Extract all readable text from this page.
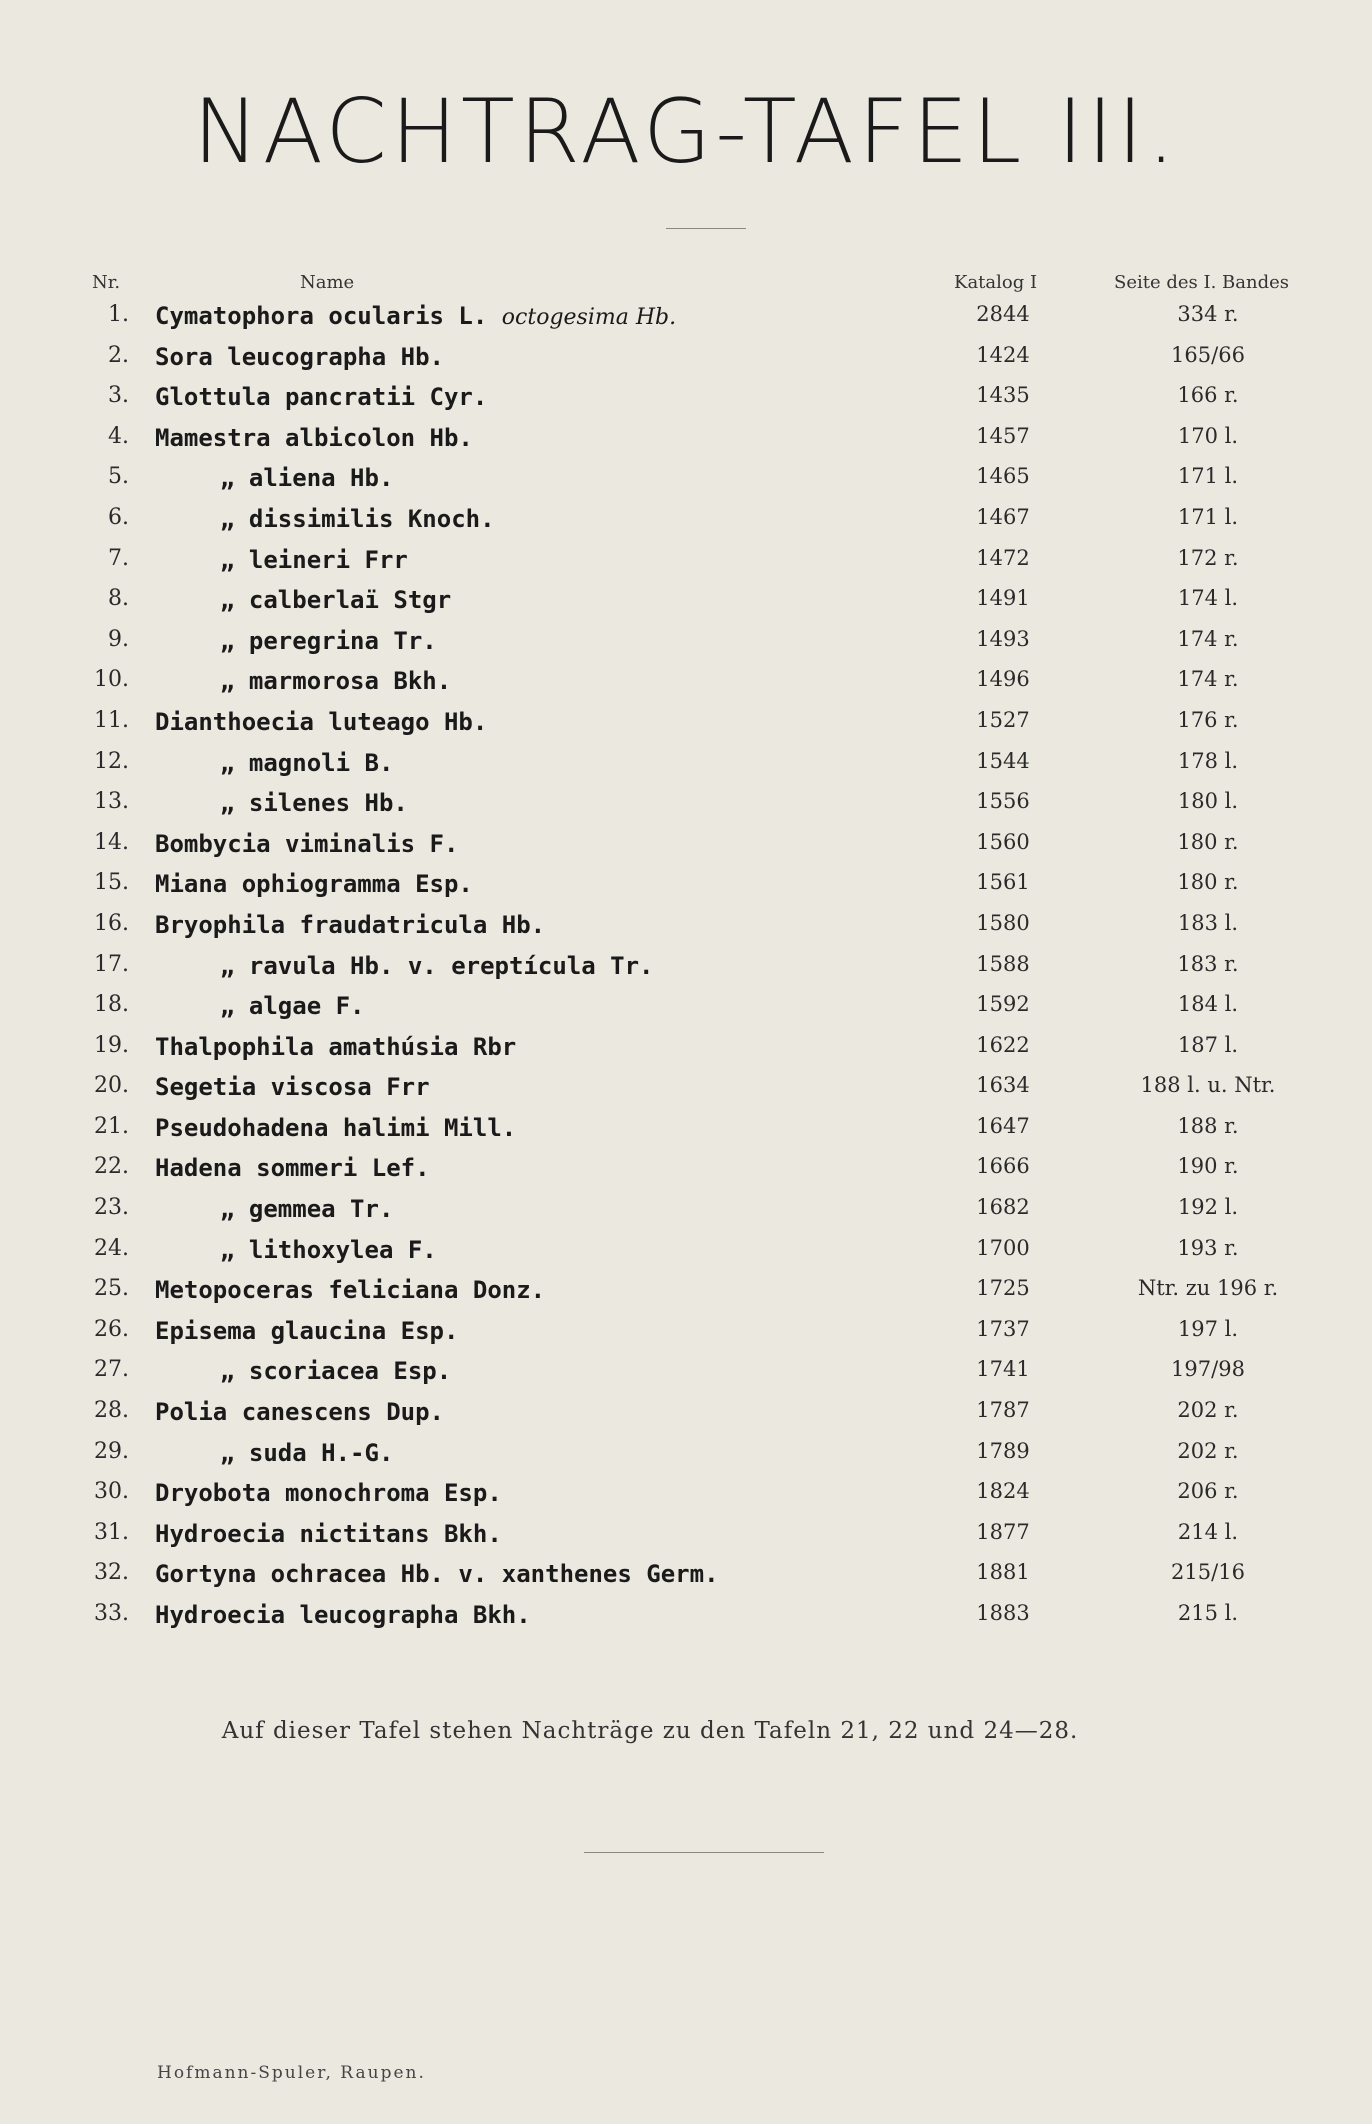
NACHTRAG-TAFEL III.
Nr.	Name	Katalog I	Seite des I. Bandes
1. Cymatophora ocularis L. octogesima Hb.	2844	334 r.
2. Sora leucographa Hb.	1424	165/66
3. Glottula pancratii Cyr.	1435	166 r.
4. Mamestra albicolon Hb.	1457	170 l.
5.	„ aliena Hb.	1465	171 l.
6.	„ dissimilis Knoch.	1467	171 l.
7.	„ leineri Frr	1472	172 r.
8.	„ calberlaï Stgr	1491	174 l.
9.	„ peregrina Tr.	1493	174 r.
10.	„ marmorosa Bkh.	1496	174 r.
11. Dianthoecia luteago Hb.	1527	176 r.
12.	„ magnoli B.	1544	178 l.
13.	„ silenes Hb.	1556	180 l.
14. Bombycia viminalis F.	1560	180 r.
15. Miana ophiogramma Esp.	1561	180 r.
16. Bryophila fraudatricula Hb.	1580	183 l.
17.	„ ravula Hb. v. ereptícula Tr.	1588	183 r.
18.	„ algae F.	1592	184 l.
19. Thalpophila amathúsia Rbr	1622	187 l.
20. Segetia viscosa Frr	1634	188 l. u. Ntr.
21. Pseudohadena halimi Mill.	1647	188 r.
22. Hadena sommeri Lef.	1666	190 r.
23.	„ gemmea Tr.	1682	192 l.
24.	„ lithoxylea F.	1700	193 r.
25. Metopoceras feliciana Donz.	1725	Ntr. zu 196 r.
26. Episema glaucina Esp.	1737	197 l.
27.	„ scoriacea Esp.	1741	197/98
28. Polia canescens Dup.	1787	202 r.
29.	„ suda H.-G.	1789	202 r.
30. Dryobota monochroma Esp.	1824	206 r.
31. Hydroecia nictitans Bkh.	1877	214 l.
32. Gortyna ochracea Hb. v. xanthenes Germ.	1881	215/16
33. Hydroecia leucographa Bkh.	1883	215 l.
Auf dieser Tafel stehen Nachträge zu den Tafeln 21, 22 und 24—28.
Hofmann-Spuler, Raupen.
